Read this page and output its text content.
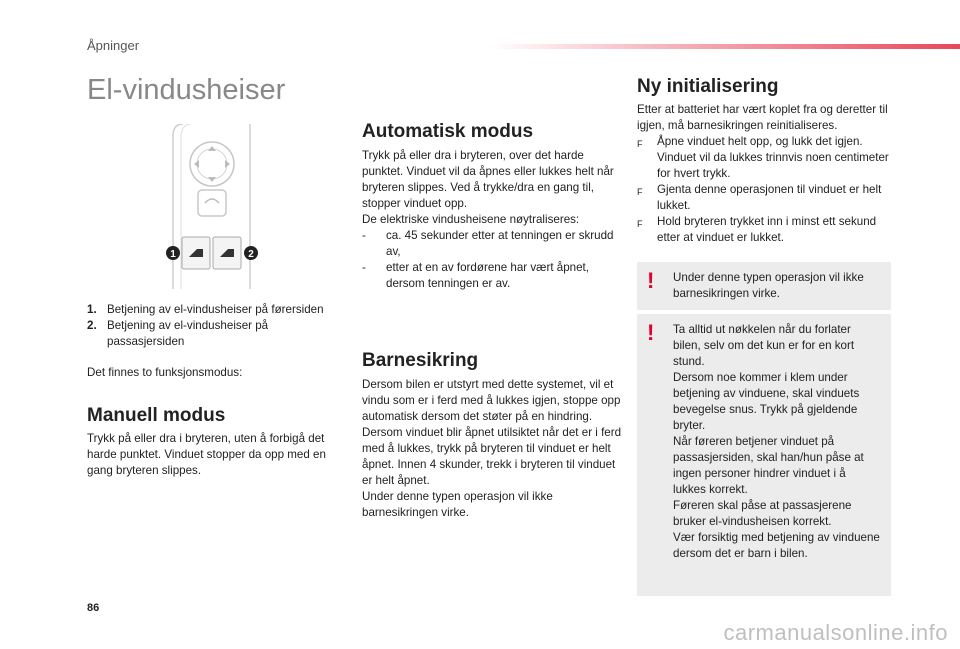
Åpninger
El-vindusheiser
1	2
1. Betjening av el-vindusheiser på førersiden
2. Betjening av el-vindusheiser på passasjersiden

Det finnes to funksjonsmodus:

Manuell modus

Trykk på eller dra i bryteren, uten å forbigå det harde punktet. Vinduet stopper da opp med en gang bryteren slippes.

Automatisk modus

Trykk på eller dra i bryteren, over det harde punktet. Vinduet vil da åpnes eller lukkes helt når bryteren slippes. Ved å trykke/dra en gang til, stopper vinduet opp.

De elektriske vindusheisene nøytraliseres:

-	ca. 45 sekunder etter at tenningen er skrudd av,
-	etter at en av fordørene har vært åpnet, dersom tenningen er av.
Barnesikring

Dersom bilen er utstyrt med dette systemet, vil et vindu som er i ferd med å lukkes igjen, stoppe opp automatisk dersom det støter på en hindring.

Dersom vinduet blir åpnet utilsiktet når det er i ferd med å lukkes, trykk på bryteren til vinduet er helt åpnet. Innen 4 skunder, trekk i bryteren til vinduet er helt åpnet.

Under denne typen operasjon vil ikke barnesikringen virke.

Ny initialisering

Etter at batteriet har vært koplet fra og deretter til igjen, må barnesikringen reinitialiseres.

F	Åpne vinduet helt opp, og lukk det igjen. Vinduet vil da lukkes trinnvis noen centimeter for hvert trykk.
F	Gjenta denne operasjonen til vinduet er helt lukket.
F	Hold bryteren trykket inn i minst ett sekund etter at vinduet er lukket.
! Under denne typen operasjon vil ikke barnesikringen virke.

! Ta alltid ut nøkkelen når du forlater bilen, selv om det kun er for en kort stund.

Dersom noe kommer i klem under betjening av vinduene, skal vinduets bevegelse snus. Trykk på gjeldende bryter.

Når føreren betjener vinduet på passasjersiden, skal han/hun påse at ingen personer hindrer vinduet i å lukkes korrekt.

Føreren skal påse at passasjerene bruker el-vindusheisen korrekt.

Vær forsiktig med betjening av vinduene dersom det er barn i bilen.

86
carmanualsonline.info
